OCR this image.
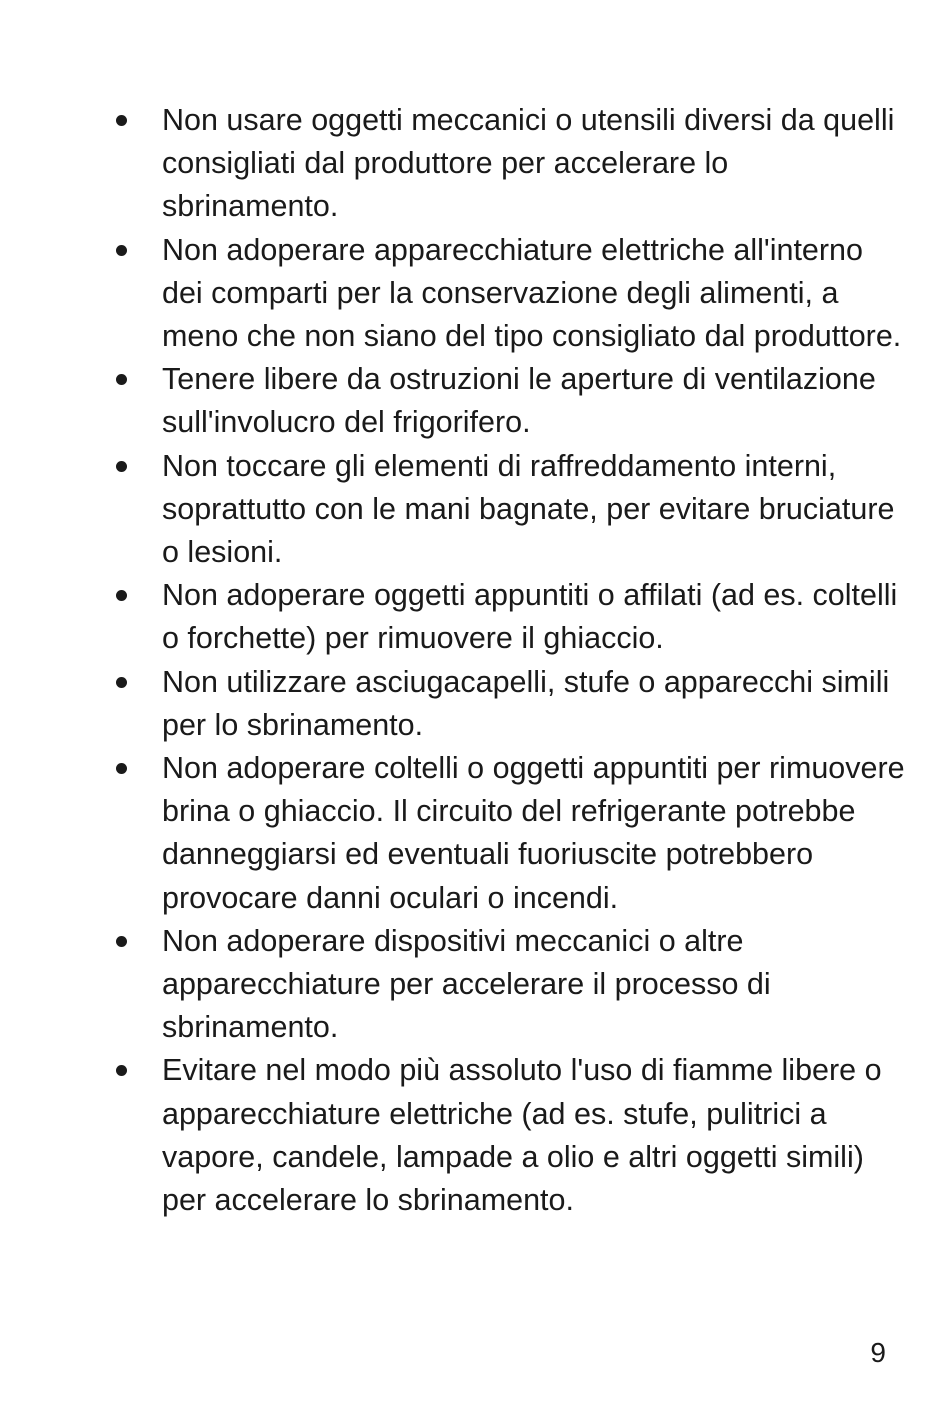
Non usare oggetti meccanici o utensili diversi da quelli consigliati dal produttore per accelerare lo sbrinamento.
Non adoperare apparecchiature elettriche all'interno dei comparti per la conservazione degli alimenti, a meno che non siano del tipo consigliato dal produttore.
Tenere libere da ostruzioni le aperture di ventilazione sull'involucro del frigorifero.
Non toccare gli elementi di raffreddamento interni, soprattutto con le mani bagnate, per evitare bruciature o lesioni.
Non adoperare oggetti appuntiti o affilati (ad es. coltelli o forchette) per rimuovere il ghiaccio.
Non utilizzare asciugacapelli, stufe o apparecchi simili per lo sbrinamento.
Non adoperare coltelli o oggetti appuntiti per rimuovere brina o ghiaccio. Il circuito del refrigerante potrebbe danneggiarsi ed eventuali fuoriuscite potrebbero provocare danni oculari o incendi.
Non adoperare dispositivi meccanici o altre apparecchiature per accelerare il processo di sbrinamento.
Evitare nel modo più assoluto l'uso di fiamme libere o apparecchiature elettriche (ad es. stufe, pulitrici a vapore, candele, lampade a olio e altri oggetti simili) per accelerare lo sbrinamento.
9
